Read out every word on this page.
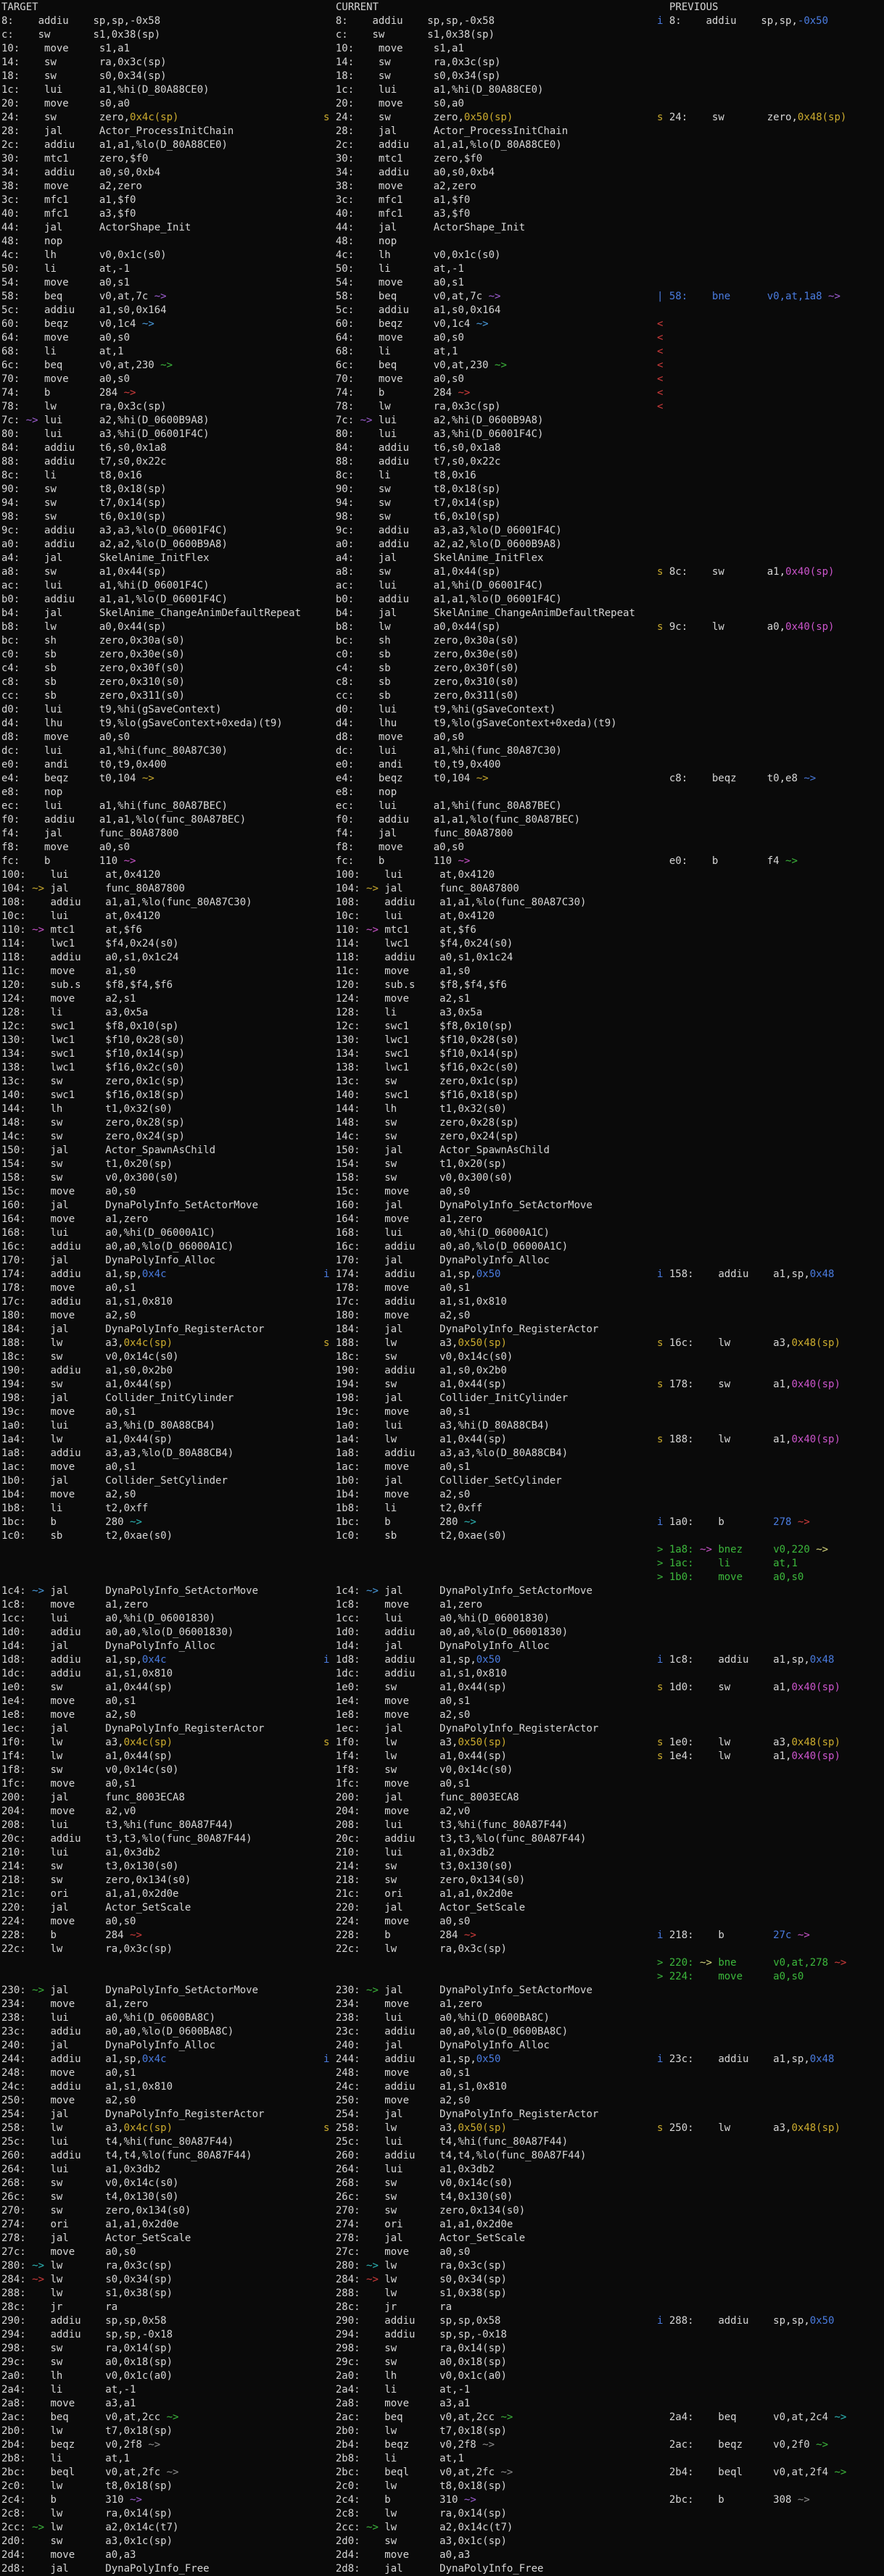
TARGET	CURRENT	PREVIOUS
8: addiu    sp,sp,-0x58	8: addiu    sp,sp,-0x58	i 8: addiu    sp,sp,-0x50
c: sw       s1,0x38(sp)	c: sw       s1,0x38(sp)
10: move     s1,a1	10: move     s1,a1
14: sw       ra,0x3c(sp)	14: sw       ra,0x3c(sp)
18: sw       s0,0x34(sp)	18: sw       s0,0x34(sp)
1c: lui      a1,%hi(D_80A88CE0)	1c: lui      a1,%hi(D_80A88CE0)
20: move     s0,a0	20: move     s0,a0
24: sw       zero,0x4c(sp)	s 24: sw       zero,0x50(sp)	s 24: sw       zero,0x48(sp)
28: jal      Actor_ProcessInitChain	28: jal      Actor_ProcessInitChain
2c: addiu    a1,a1,%lo(D_80A88CE0)	2c: addiu    a1,a1,%lo(D_80A88CE0)
30: mtc1     zero,$f0	30: mtc1     zero,$f0
34: addiu    a0,s0,0xb4	34: addiu    a0,s0,0xb4
38: move     a2,zero	38: move     a2,zero
3c: mfc1     a1,$f0	3c: mfc1     a1,$f0
40: mfc1     a3,$f0	40: mfc1     a3,$f0
44: jal      ActorShape_Init	44: jal      ActorShape_Init
48: nop	48: nop
4c: lh       v0,0x1c(s0)	4c: lh       v0,0x1c(s0)
50: li       at,-1	50: li       at,-1
54: move     a0,s1	54: move     a0,s1
58: beq      v0,at,7c ~>	58: beq      v0,at,7c ~>	| 58: bne      v0,at,1a8 ~>
5c: addiu    a1,s0,0x164	5c: addiu    a1,s0,0x164
60: beqz     v0,1c4 ~>	60: beqz     v0,1c4 ~>	<
64: move     a0,s0	64: move     a0,s0	<
68: li       at,1	68: li       at,1	<
6c: beq      v0,at,230 ~>	6c: beq      v0,at,230 ~>	<
70: move     a0,s0	70: move     a0,s0	<
74: b        284 ~>	74: b        284 ~>	<
78: lw       ra,0x3c(sp)	78: lw       ra,0x3c(sp)	<
7c: ~> lui      a2,%hi(D_0600B9A8)	7c: ~> lui      a2,%hi(D_0600B9A8)
80: lui      a3,%hi(D_06001F4C)	80: lui      a3,%hi(D_06001F4C)
84: addiu    t6,s0,0x1a8	84: addiu    t6,s0,0x1a8
88: addiu    t7,s0,0x22c	88: addiu    t7,s0,0x22c
8c: li       t8,0x16	8c: li       t8,0x16
90: sw       t8,0x18(sp)	90: sw       t8,0x18(sp)
94: sw       t7,0x14(sp)	94: sw       t7,0x14(sp)
98: sw       t6,0x10(sp)	98: sw       t6,0x10(sp)
9c: addiu    a3,a3,%lo(D_06001F4C)	9c: addiu    a3,a3,%lo(D_06001F4C)
a0: addiu    a2,a2,%lo(D_0600B9A8)	a0: addiu    a2,a2,%lo(D_0600B9A8)
a4: jal      SkelAnime_InitFlex	a4: jal      SkelAnime_InitFlex
a8: sw       a1,0x44(sp)	a8: sw       a1,0x44(sp)	s 8c: sw       a1,0x40(sp)
ac: lui      a1,%hi(D_06001F4C)	ac: lui      a1,%hi(D_06001F4C)
b0: addiu    a1,a1,%lo(D_06001F4C)	b0: addiu    a1,a1,%lo(D_06001F4C)
b4: jal      SkelAnime_ChangeAnimDefaultRepeat	b4: jal      SkelAnime_ChangeAnimDefaultRepeat
b8: lw       a0,0x44(sp)	b8: lw       a0,0x44(sp)	s 9c: lw       a0,0x40(sp)
bc: sh       zero,0x30a(s0)	bc: sh       zero,0x30a(s0)
c0: sb       zero,0x30e(s0)	c0: sb       zero,0x30e(s0)
c4: sb       zero,0x30f(s0)	c4: sb       zero,0x30f(s0)
c8: sb       zero,0x310(s0)	c8: sb       zero,0x310(s0)
cc: sb       zero,0x311(s0)	cc: sb       zero,0x311(s0)
d0: lui      t9,%hi(gSaveContext)	d0: lui      t9,%hi(gSaveContext)
d4: lhu      t9,%lo(gSaveContext+0xeda)(t9)	d4: lhu      t9,%lo(gSaveContext+0xeda)(t9)
d8: move     a0,s0	d8: move     a0,s0
dc: lui      a1,%hi(func_80A87C30)	dc: lui      a1,%hi(func_80A87C30)
e0: andi     t0,t9,0x400	e0: andi     t0,t9,0x400
e4: beqz     t0,104 ~>	e4: beqz     t0,104 ~>	c8: beqz     t0,e8 ~>
e8: nop	e8: nop
ec: lui      a1,%hi(func_80A87BEC)	ec: lui      a1,%hi(func_80A87BEC)
f0: addiu    a1,a1,%lo(func_80A87BEC)	f0: addiu    a1,a1,%lo(func_80A87BEC)
f4: jal      func_80A87800	f4: jal      func_80A87800
f8: move     a0,s0	f8: move     a0,s0
fc: b        110 ~>	fc: b        110 ~>	e0: b        f4 ~>
100: lui      at,0x4120	100: lui      at,0x4120
104: ~> jal      func_80A87800	104: ~> jal      func_80A87800
108: addiu    a1,a1,%lo(func_80A87C30)	108: addiu    a1,a1,%lo(func_80A87C30)
10c: lui      at,0x4120	10c: lui      at,0x4120
110: ~> mtc1     at,$f6	110: ~> mtc1     at,$f6
114: lwc1     $f4,0x24(s0)	114: lwc1     $f4,0x24(s0)
118: addiu    a0,s1,0x1c24	118: addiu    a0,s1,0x1c24
11c: move     a1,s0	11c: move     a1,s0
120: sub.s    $f8,$f4,$f6	120: sub.s    $f8,$f4,$f6
124: move     a2,s1	124: move     a2,s1
128: li       a3,0x5a	128: li       a3,0x5a
12c: swc1     $f8,0x10(sp)	12c: swc1     $f8,0x10(sp)
130: lwc1     $f10,0x28(s0)	130: lwc1     $f10,0x28(s0)
134: swc1     $f10,0x14(sp)	134: swc1     $f10,0x14(sp)
138: lwc1     $f16,0x2c(s0)	138: lwc1     $f16,0x2c(s0)
13c: sw       zero,0x1c(sp)	13c: sw       zero,0x1c(sp)
140: swc1     $f16,0x18(sp)	140: swc1     $f16,0x18(sp)
144: lh       t1,0x32(s0)	144: lh       t1,0x32(s0)
148: sw       zero,0x28(sp)	148: sw       zero,0x28(sp)
14c: sw       zero,0x24(sp)	14c: sw       zero,0x24(sp)
150: jal      Actor_SpawnAsChild	150: jal      Actor_SpawnAsChild
154: sw       t1,0x20(sp)	154: sw       t1,0x20(sp)
158: sw       v0,0x300(s0)	158: sw       v0,0x300(s0)
15c: move     a0,s0	15c: move     a0,s0
160: jal      DynaPolyInfo_SetActorMove	160: jal      DynaPolyInfo_SetActorMove
164: move     a1,zero	164: move     a1,zero
168: lui      a0,%hi(D_06000A1C)	168: lui      a0,%hi(D_06000A1C)
16c: addiu    a0,a0,%lo(D_06000A1C)	16c: addiu    a0,a0,%lo(D_06000A1C)
170: jal      DynaPolyInfo_Alloc	170: jal      DynaPolyInfo_Alloc
174: addiu    a1,sp,0x4c	i 174: addiu    a1,sp,0x50	i 158: addiu    a1,sp,0x48
178: move     a0,s1	178: move     a0,s1
17c: addiu    a1,s1,0x810	17c: addiu    a1,s1,0x810
180: move     a2,s0	180: move     a2,s0
184: jal      DynaPolyInfo_RegisterActor	184: jal      DynaPolyInfo_RegisterActor
188: lw       a3,0x4c(sp)	s 188: lw       a3,0x50(sp)	s 16c: lw       a3,0x48(sp)
18c: sw       v0,0x14c(s0)	18c: sw       v0,0x14c(s0)
190: addiu    a1,s0,0x2b0	190: addiu    a1,s0,0x2b0
194: sw       a1,0x44(sp)	194: sw       a1,0x44(sp)	s 178: sw       a1,0x40(sp)
198: jal      Collider_InitCylinder	198: jal      Collider_InitCylinder
19c: move     a0,s1	19c: move     a0,s1
1a0: lui      a3,%hi(D_80A88CB4)	1a0: lui      a3,%hi(D_80A88CB4)
1a4: lw       a1,0x44(sp)	1a4: lw       a1,0x44(sp)	s 188: lw       a1,0x40(sp)
1a8: addiu    a3,a3,%lo(D_80A88CB4)	1a8: addiu    a3,a3,%lo(D_80A88CB4)
1ac: move     a0,s1	1ac: move     a0,s1
1b0: jal      Collider_SetCylinder	1b0: jal      Collider_SetCylinder
1b4: move     a2,s0	1b4: move     a2,s0
1b8: li       t2,0xff	1b8: li       t2,0xff
1bc: b        280 ~>	1bc: b        280 ~>	i 1a0: b        278 ~>
1c0: sb       t2,0xae(s0)	1c0: sb       t2,0xae(s0)
> 1a8: ~> bnez     v0,220 ~>
> 1ac: li       at,1
> 1b0: move     a0,s0
1c4: ~> jal      DynaPolyInfo_SetActorMove	1c4: ~> jal      DynaPolyInfo_SetActorMove
1c8: move     a1,zero	1c8: move     a1,zero
1cc: lui      a0,%hi(D_06001830)	1cc: lui      a0,%hi(D_06001830)
1d0: addiu    a0,a0,%lo(D_06001830)	1d0: addiu    a0,a0,%lo(D_06001830)
1d4: jal      DynaPolyInfo_Alloc	1d4: jal      DynaPolyInfo_Alloc
1d8: addiu    a1,sp,0x4c	i 1d8: addiu    a1,sp,0x50	i 1c8: addiu    a1,sp,0x48
1dc: addiu    a1,s1,0x810	1dc: addiu    a1,s1,0x810
1e0: sw       a1,0x44(sp)	1e0: sw       a1,0x44(sp)	s 1d0: sw       a1,0x40(sp)
1e4: move     a0,s1	1e4: move     a0,s1
1e8: move     a2,s0	1e8: move     a2,s0
1ec: jal      DynaPolyInfo_RegisterActor	1ec: jal      DynaPolyInfo_RegisterActor
1f0: lw       a3,0x4c(sp)	s 1f0: lw       a3,0x50(sp)	s 1e0: lw       a3,0x48(sp)
1f4: lw       a1,0x44(sp)	1f4: lw       a1,0x44(sp)	s 1e4: lw       a1,0x40(sp)
1f8: sw       v0,0x14c(s0)	1f8: sw       v0,0x14c(s0)
1fc: move     a0,s1	1fc: move     a0,s1
200: jal      func_8003ECA8	200: jal      func_8003ECA8
204: move     a2,v0	204: move     a2,v0
208: lui      t3,%hi(func_80A87F44)	208: lui      t3,%hi(func_80A87F44)
20c: addiu    t3,t3,%lo(func_80A87F44)	20c: addiu    t3,t3,%lo(func_80A87F44)
210: lui      a1,0x3db2	210: lui      a1,0x3db2
214: sw       t3,0x130(s0)	214: sw       t3,0x130(s0)
218: sw       zero,0x134(s0)	218: sw       zero,0x134(s0)
21c: ori      a1,a1,0x2d0e	21c: ori      a1,a1,0x2d0e
220: jal      Actor_SetScale	220: jal      Actor_SetScale
224: move     a0,s0	224: move     a0,s0
228: b        284 ~>	228: b        284 ~>	i 218: b        27c ~>
22c: lw       ra,0x3c(sp)	22c: lw       ra,0x3c(sp)
> 220: ~> bne      v0,at,278 ~>
> 224: move     a0,s0
230: ~> jal      DynaPolyInfo_SetActorMove	230: ~> jal      DynaPolyInfo_SetActorMove
234: move     a1,zero	234: move     a1,zero
238: lui      a0,%hi(D_0600BA8C)	238: lui      a0,%hi(D_0600BA8C)
23c: addiu    a0,a0,%lo(D_0600BA8C)	23c: addiu    a0,a0,%lo(D_0600BA8C)
240: jal      DynaPolyInfo_Alloc	240: jal      DynaPolyInfo_Alloc
244: addiu    a1,sp,0x4c	i 244: addiu    a1,sp,0x50	i 23c: addiu    a1,sp,0x48
248: move     a0,s1	248: move     a0,s1
24c: addiu    a1,s1,0x810	24c: addiu    a1,s1,0x810
250: move     a2,s0	250: move     a2,s0
254: jal      DynaPolyInfo_RegisterActor	254: jal      DynaPolyInfo_RegisterActor
258: lw       a3,0x4c(sp)	s 258: lw       a3,0x50(sp)	s 250: lw       a3,0x48(sp)
25c: lui      t4,%hi(func_80A87F44)	25c: lui      t4,%hi(func_80A87F44)
260: addiu    t4,t4,%lo(func_80A87F44)	260: addiu    t4,t4,%lo(func_80A87F44)
264: lui      a1,0x3db2	264: lui      a1,0x3db2
268: sw       v0,0x14c(s0)	268: sw       v0,0x14c(s0)
26c: sw       t4,0x130(s0)	26c: sw       t4,0x130(s0)
270: sw       zero,0x134(s0)	270: sw       zero,0x134(s0)
274: ori      a1,a1,0x2d0e	274: ori      a1,a1,0x2d0e
278: jal      Actor_SetScale	278: jal      Actor_SetScale
27c: move     a0,s0	27c: move     a0,s0
280: ~> lw       ra,0x3c(sp)	280: ~> lw       ra,0x3c(sp)
284: ~> lw       s0,0x34(sp)	284: ~> lw       s0,0x34(sp)
288: lw       s1,0x38(sp)	288: lw       s1,0x38(sp)
28c: jr       ra	28c: jr       ra
290: addiu    sp,sp,0x58	290: addiu    sp,sp,0x58	i 288: addiu    sp,sp,0x50
294: addiu    sp,sp,-0x18	294: addiu    sp,sp,-0x18
298: sw       ra,0x14(sp)	298: sw       ra,0x14(sp)
29c: sw       a0,0x18(sp)	29c: sw       a0,0x18(sp)
2a0: lh       v0,0x1c(a0)	2a0: lh       v0,0x1c(a0)
2a4: li       at,-1	2a4: li       at,-1
2a8: move     a3,a1	2a8: move     a3,a1
2ac: beq      v0,at,2cc ~>	2ac: beq      v0,at,2cc ~>	2a4: beq      v0,at,2c4 ~>
2b0: lw       t7,0x18(sp)	2b0: lw       t7,0x18(sp)
2b4: beqz     v0,2f8 ~>	2b4: beqz     v0,2f8 ~>	2ac: beqz     v0,2f0 ~>
2b8: li       at,1	2b8: li       at,1
2bc: beql     v0,at,2fc ~>	2bc: beql     v0,at,2fc ~>	2b4: beql     v0,at,2f4 ~>
2c0: lw       t8,0x18(sp)	2c0: lw       t8,0x18(sp)
2c4: b        310 ~>	2c4: b        310 ~>	2bc: b        308 ~>
2c8: lw       ra,0x14(sp)	2c8: lw       ra,0x14(sp)
2cc: ~> lw       a2,0x14c(t7)	2cc: ~> lw       a2,0x14c(t7)
2d0: sw       a3,0x1c(sp)	2d0: sw       a3,0x1c(sp)
2d4: move     a0,a3	2d4: move     a0,a3
2d8: jal      DynaPolyInfo_Free	2d8: jal      DynaPolyInfo_Free
